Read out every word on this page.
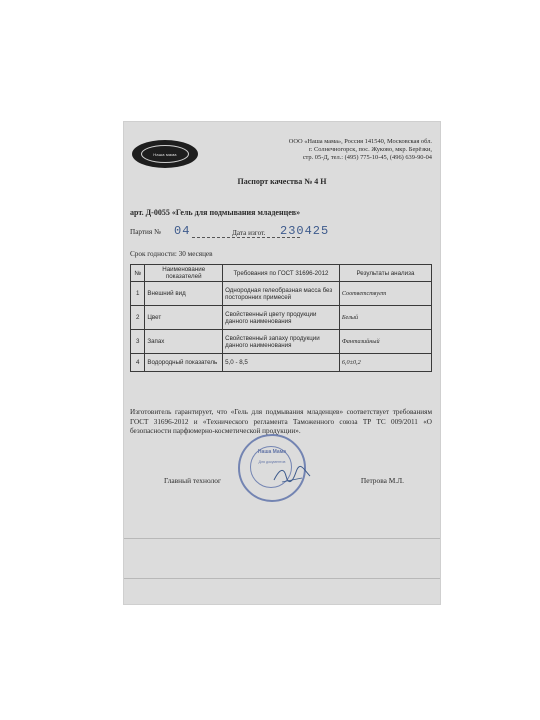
Наша мама
ООО «Наша мама», Россия 141540, Московская обл.
г. Солнечногорск, пос. Жуково, мкр. Берёзки,
стр. 05-Д, тел.: (495) 775-10-45, (496) 639-90-04
Паспорт качества № 4 Н
арт. Д-0055 «Гель для подмывания младенцев»
Партия № 04	Дата изгот. 230425
Срок годности: 30 месяцев
№	Наименование показателей	Требования по ГОСТ 31696-2012	Результаты анализа
1	Внешний вид	Однородная гелеобразная масса без посторонних примесей	Соответствует
2	Цвет	Свойственный цвету продукции данного наименования	Белый
3	Запах	Свойственный запаху продукции данного наименования	Фантазийный
4	Водородный показатель	5,0 - 8,5	6,0±0,2
Изготовитель гарантирует, что «Гель для подмывания младенцев» соответствует требованиям ГОСТ 31696-2012 и «Технического регламента Таможенного союза ТР ТС 009/2011 «О безопасности парфюмерно-косметической продукции».
Наша Мама
Для документов
Главный технолог	Петрова М.Л.
